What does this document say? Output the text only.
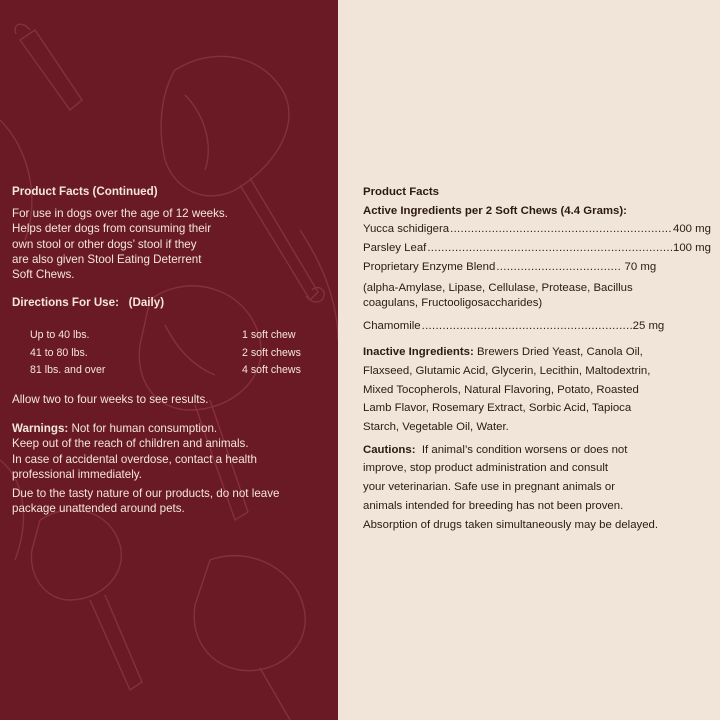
Product Facts (Continued)

For use in dogs over the age of 12 weeks.

Helps deter dogs from consuming their

own stool or other dogs’ stool if they

are also given Stool Eating Deterrent

Soft Chews.

Directions For Use: (Daily)

Up to 40 lbs.	1 soft chew
41 to 80 lbs.	2 soft chews
81 lbs. and over	4 soft chews

Allow two to four weeks to see results.

Warnings: Not for human consumption.

Keep out of the reach of children and animals.

In case of accidental overdose, contact a health

professional immediately.

Due to the tasty nature of our products, do not leave

package unattended around pets.

Product Facts

Active Ingredients per 2 Soft Chews (4.4 Grams):

Yucca schidigera .....	400 mg
Parsley Leaf .....	100 mg
Proprietary Enzyme Blend .....	70 mg

(alpha-Amylase, Lipase, Cellulase, Protease, Bacillus

coagulans, Fructooligosaccharides)

Chamomile .....	25 mg

Inactive Ingredients: Brewers Dried Yeast, Canola Oil,

Flaxseed, Glutamic Acid, Glycerin, Lecithin, Maltodextrin,

Mixed Tocopherols, Natural Flavoring, Potato, Roasted

Lamb Flavor, Rosemary Extract, Sorbic Acid, Tapioca

Starch, Vegetable Oil, Water.

Cautions:  If animal’s condition worsens or does not

improve, stop product administration and consult

your veterinarian. Safe use in pregnant animals or

animals intended for breeding has not been proven.

Absorption of drugs taken simultaneously may be delayed.
